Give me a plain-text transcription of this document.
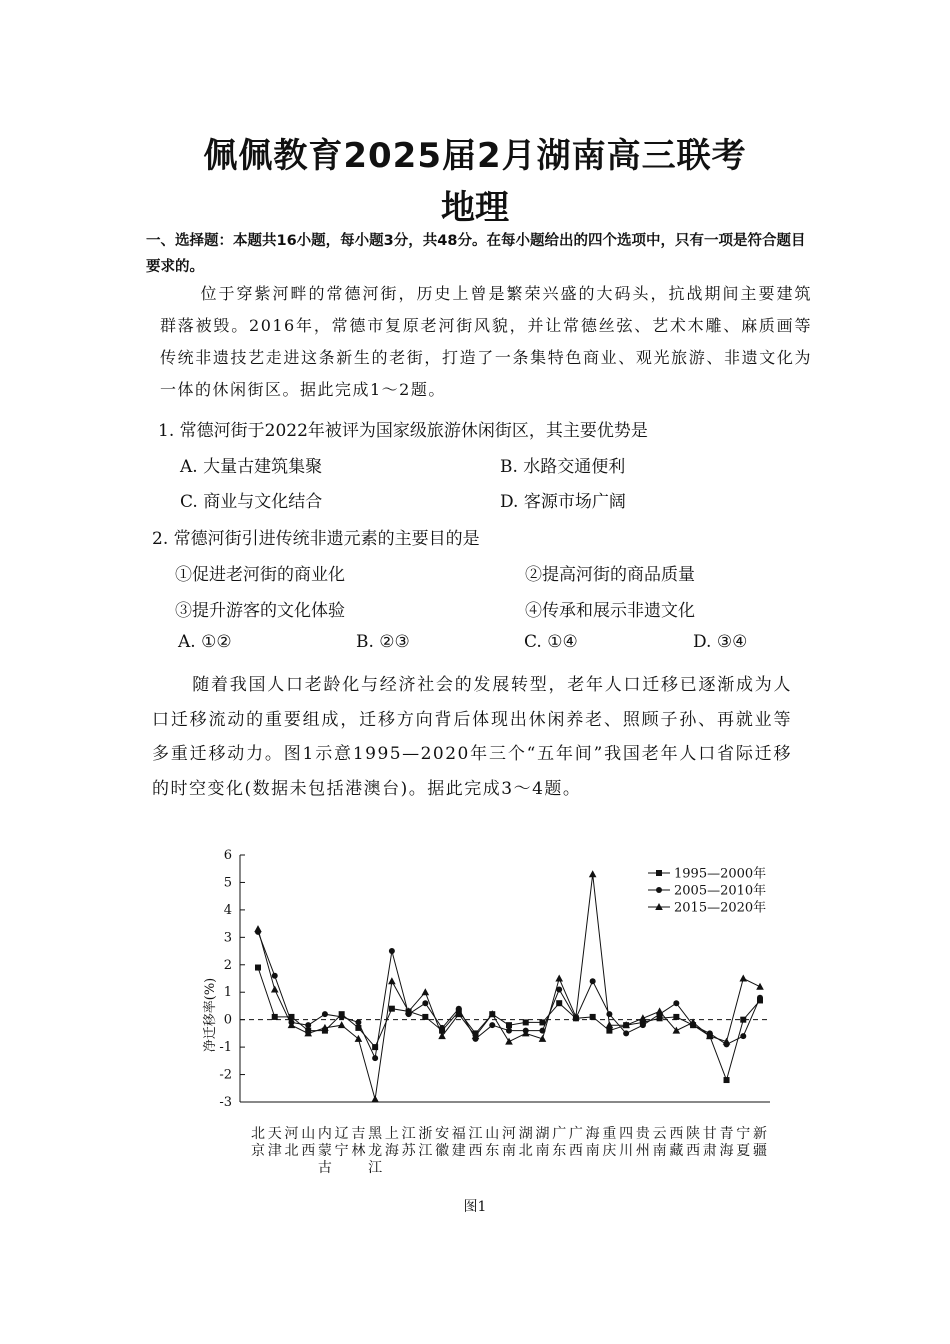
佩佩教育2025届2月湖南高三联考
地理
一、选择题：本题共16小题，每小题3分，共48分。在每小题给出的四个选项中，只有一项是符合题目要求的。
位于穿紫河畔的常德河街，历史上曾是繁荣兴盛的大码头，抗战期间主要建筑群落被毁。2016年，常德市复原老河街风貌，并让常德丝弦、艺术木雕、麻质画等传统非遗技艺走进这条新生的老街，打造了一条集特色商业、观光旅游、非遗文化为一体的休闲街区。据此完成1～2题。
1. 常德河街于2022年被评为国家级旅游休闲街区，其主要优势是
A. 大量古建筑集聚	B. 水路交通便利
C. 商业与文化结合	D. 客源市场广阔
2. 常德河街引进传统非遗元素的主要目的是
①促进老河街的商业化	②提高河街的商品质量
③提升游客的文化体验	④传承和展示非遗文化
A. ①②	B. ②③	C. ①④	D. ③④
随着我国人口老龄化与经济社会的发展转型，老年人口迁移已逐渐成为人口迁移流动的重要组成，迁移方向背后体现出休闲养老、照顾子孙、再就业等多重迁移动力。图1示意1995—2020年三个“五年间”我国老年人口省际迁移的时空变化(数据未包括港澳台)。据此完成3～4题。
6
5
4
3
2
1
0
-1
-2
-3
净迁移率(%)
北京
天津
河北
山西
内蒙古
辽宁
吉林
黑龙江
上海
江苏
浙江
安徽
福建
江西
山东
河南
湖北
湖南
广东
广西
海南
重庆
四川
贵州
云南
西藏
陕西
甘肃
青海
宁夏
新疆
1995—2000年
2005—2010年
2015—2020年
图1
